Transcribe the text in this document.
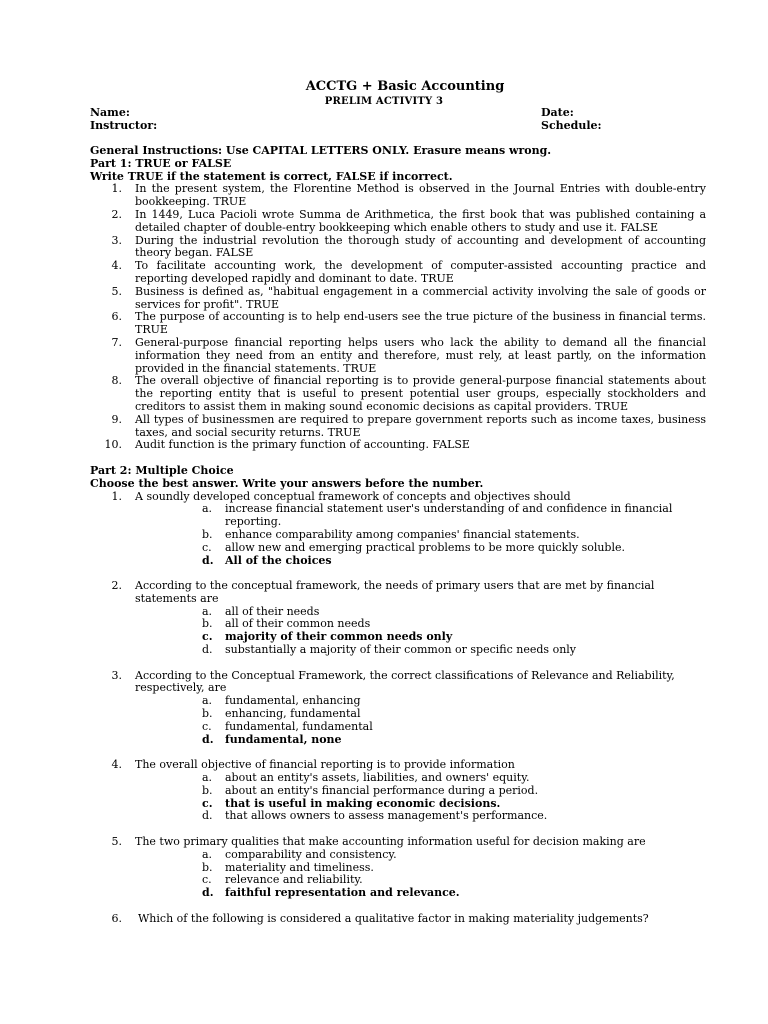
ACCTG + Basic Accounting
PRELIM ACTIVITY 3
Name:
Instructor:
Date:
Schedule:
General Instructions: Use CAPITAL LETTERS ONLY. Erasure means wrong.
Part 1: TRUE or FALSE
Write TRUE if the statement is correct, FALSE if incorrect.
1. In the present system, the Florentine Method is observed in the Journal Entries with double-entry bookkeeping. TRUE
2. In 1449, Luca Pacioli wrote Summa de Arithmetica, the first book that was published containing a detailed chapter of double-entry bookkeeping which enable others to study and use it. FALSE
3. During the industrial revolution the thorough study of accounting and development of accounting theory began. FALSE
4. To facilitate accounting work, the development of computer-assisted accounting practice and reporting developed rapidly and dominant to date. TRUE
5. Business is defined as, "habitual engagement in a commercial activity involving the sale of goods or services for profit". TRUE
6. The purpose of accounting is to help end-users see the true picture of the business in financial terms. TRUE
7. General-purpose financial reporting helps users who lack the ability to demand all the financial information they need from an entity and therefore, must rely, at least partly, on the information provided in the financial statements. TRUE
8. The overall objective of financial reporting is to provide general-purpose financial statements about the reporting entity that is useful to present potential user groups, especially stockholders and creditors to assist them in making sound economic decisions as capital providers. TRUE
9. All types of businessmen are required to prepare government reports such as income taxes, business taxes, and social security returns. TRUE
10. Audit function is the primary function of accounting. FALSE
Part 2: Multiple Choice
Choose the best answer. Write your answers before the number.
1. A soundly developed conceptual framework of concepts and objectives should
a. increase financial statement user's understanding of and confidence in financial reporting.
b. enhance comparability among companies' financial statements.
c. allow new and emerging practical problems to be more quickly soluble.
d. All of the choices
2. According to the conceptual framework, the needs of primary users that are met by financial statements are
a. all of their needs
b. all of their common needs
c. majority of their common needs only
d. substantially a majority of their common or specific needs only
3. According to the Conceptual Framework, the correct classifications of Relevance and Reliability, respectively, are
a. fundamental, enhancing
b. enhancing, fundamental
c. fundamental, fundamental
d. fundamental, none
4. The overall objective of financial reporting is to provide information
a. about an entity's assets, liabilities, and owners' equity.
b. about an entity's financial performance during a period.
c. that is useful in making economic decisions.
d. that allows owners to assess management's performance.
5. The two primary qualities that make accounting information useful for decision making are
a. comparability and consistency.
b. materiality and timeliness.
c. relevance and reliability.
d. faithful representation and relevance.
6. Which of the following is considered a qualitative factor in making materiality judgements?
